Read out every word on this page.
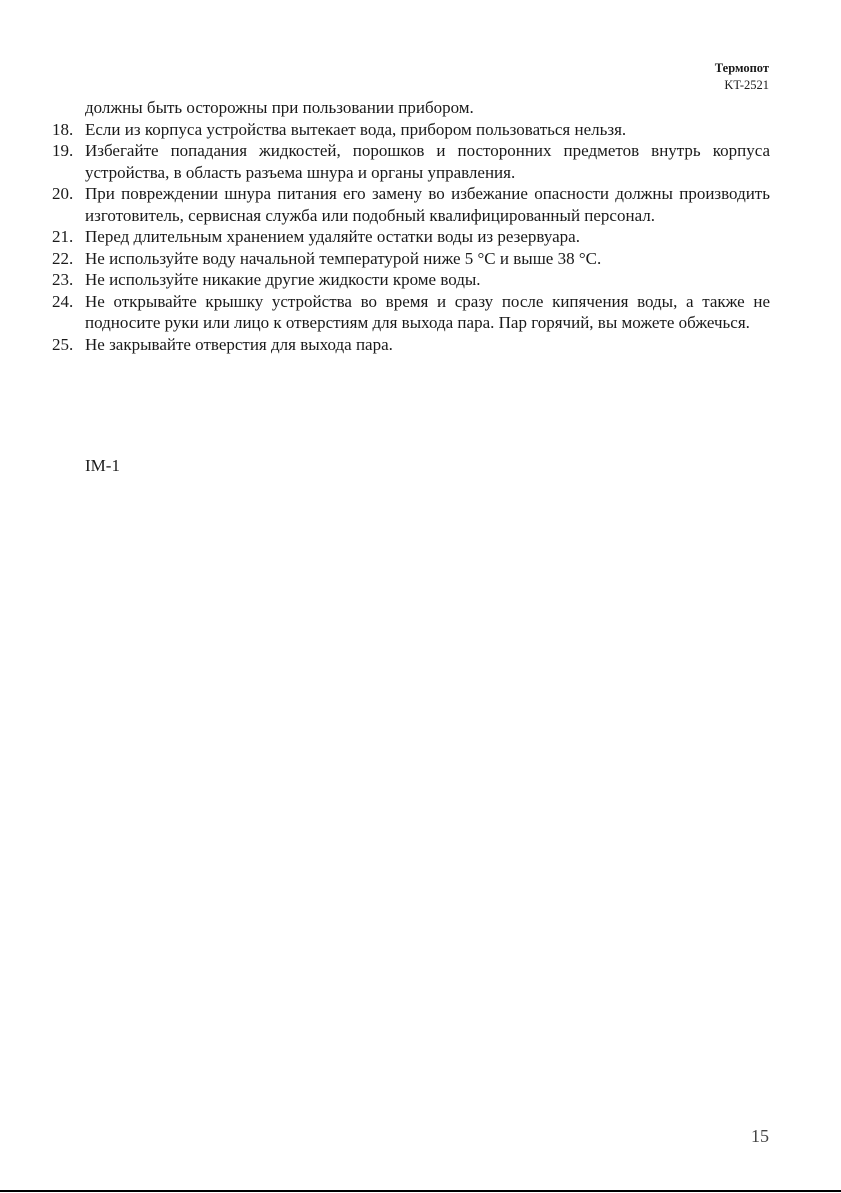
Термопот
KT-2521
должны быть осторожны при пользовании прибором.
18. Если из корпуса устройства вытекает вода, прибором пользоваться нельзя.
19. Избегайте попадания жидкостей, порошков и посторонних предметов внутрь корпуса устройства, в область разъема шнура и органы управления.
20. При повреждении шнура питания его замену во избежание опасности должны производить изготовитель, сервисная служба или подобный квалифицированный персонал.
21. Перед длительным хранением удаляйте остатки воды из резервуара.
22. Не используйте воду начальной температурой ниже 5 °С и выше 38 °С.
23. Не используйте никакие другие жидкости кроме воды.
24. Не открывайте крышку устройства во время и сразу после кипячения воды, а также не подносите руки или лицо к отверстиям для выхода пара. Пар горячий, вы можете обжечься.
25. Не закрывайте отверстия для выхода пара.
IM-1
15
